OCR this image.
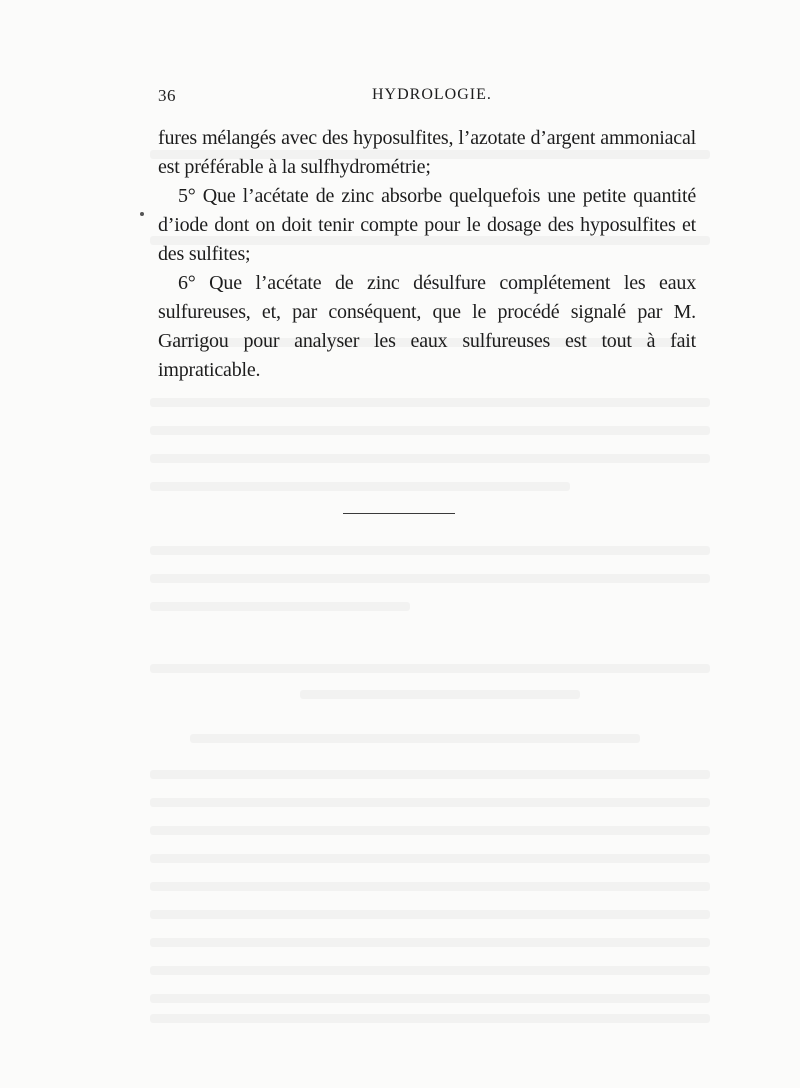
36	HYDROLOGIE.

fures mélangés avec des hyposulfites, l’azotate d’argent ammoniacal est préférable à la sulfhydrométrie;

5° Que l’acétate de zinc absorbe quelquefois une petite quantité d’iode dont on doit tenir compte pour le dosage des hyposulfites et des sulfites;

6° Que l’acétate de zinc désulfure complétement les eaux sulfureuses, et, par conséquent, que le procédé signalé par M. Garrigou pour analyser les eaux sulfureuses est tout à fait impraticable.
